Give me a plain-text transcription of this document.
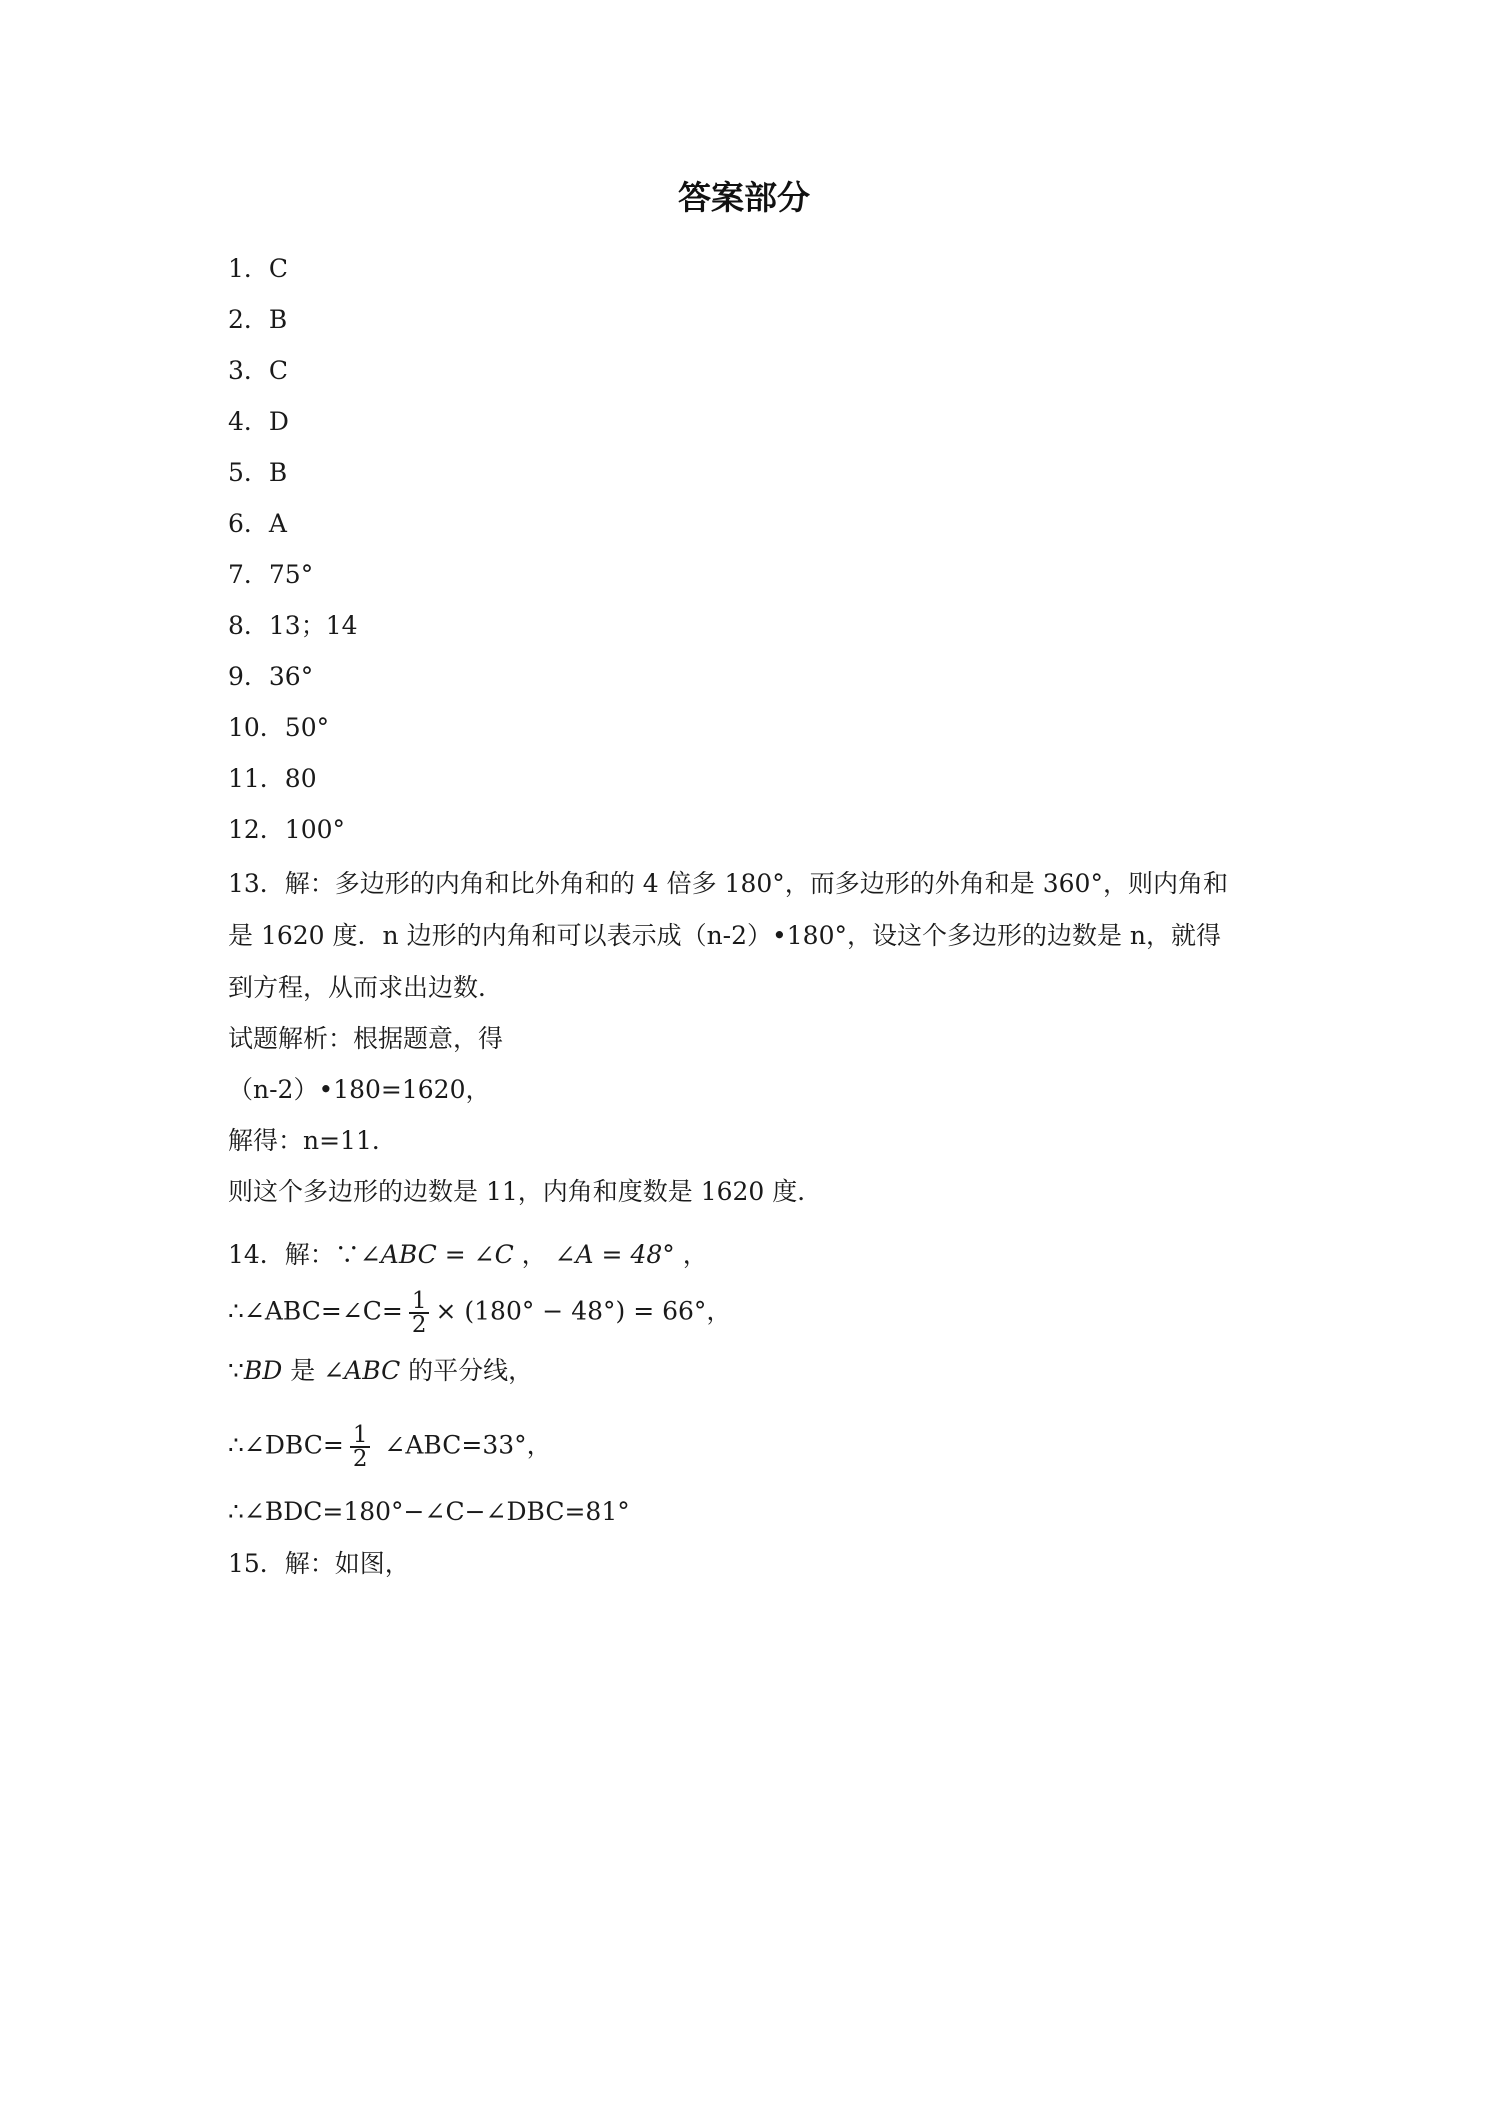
答案部分
1．C
2．B
3．C
4．D
5．B
6．A
7．75°
8．13；14
9．36°
10．50°
11．80
12．100°
13．解：多边形的内角和比外角和的 4 倍多 180°，而多边形的外角和是 360°，则内角和
是 1620 度．n 边形的内角和可以表示成（n-2）•180°，设这个多边形的边数是 n，就得
到方程，从而求出边数．
试题解析：根据题意，得
（n-2）•180=1620，
解得：n=11．
则这个多边形的边数是 11，内角和度数是 1620 度．
14．解：∵∠ABC = ∠C ， ∠A = 48° ，
∴∠ABC=∠C= $\frac{1}{2} \times (180^\circ - 48^\circ) = 66^\circ$，
∵BD 是 ∠ABC 的平分线，
∴∠DBC= $\frac{1}{2}$ ∠ABC=33°，
∴∠BDC=180°−∠C−∠DBC=81°
15．解：如图，
